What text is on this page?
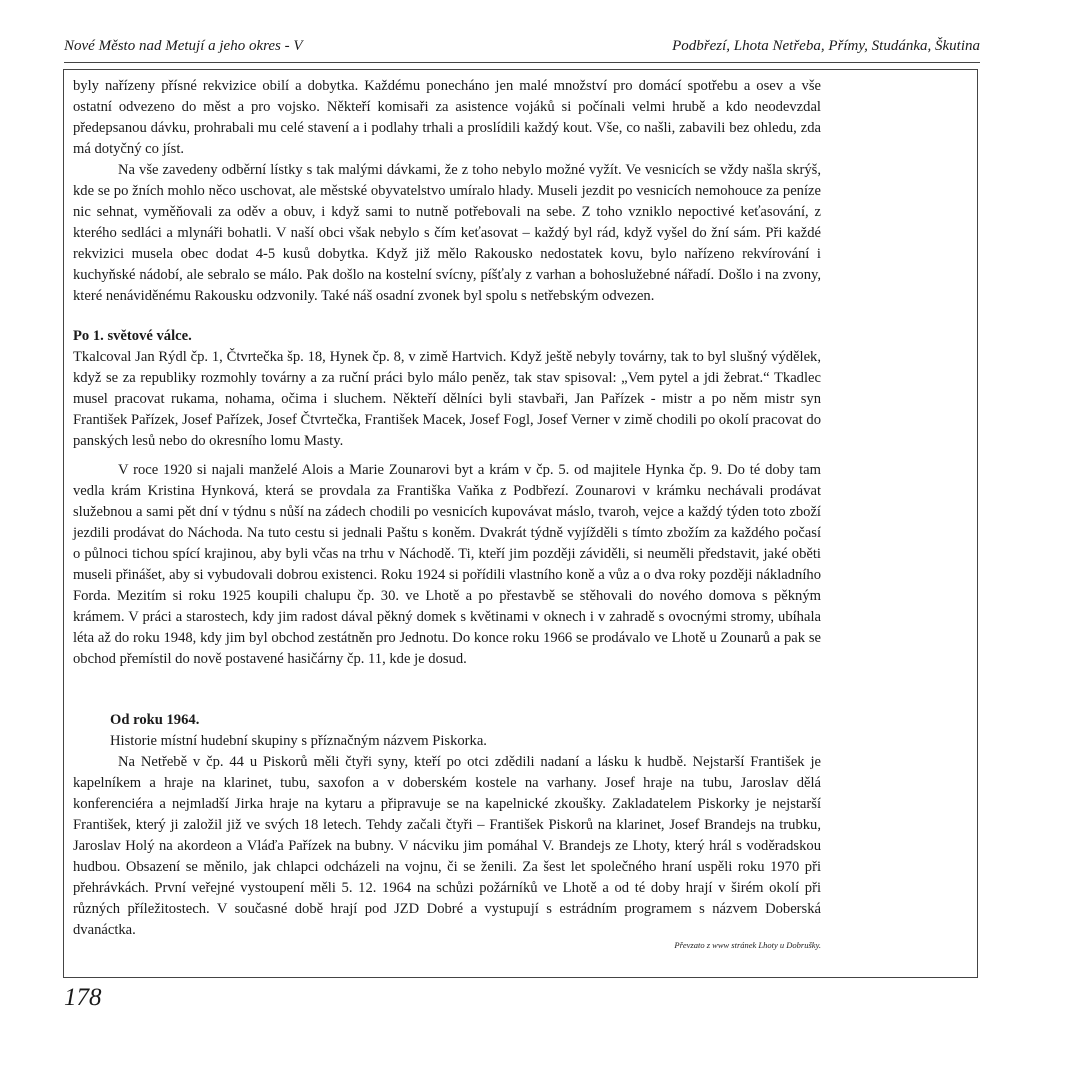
Nové Město nad Metují a jeho okres - V	Podbřezí, Lhota Netřeba, Přímy, Studánka, Škutina

byly nařízeny přísné rekvizice obilí a dobytka. Každému ponecháno jen malé množství pro domácí spotřebu a osev a vše ostatní odvezeno do měst a pro vojsko. Někteří komisaři za asistence vojáků si počínali velmi hrubě a kdo neodevzdal předepsanou dávku, prohrabali mu celé stavení a i podlahy trhali a proslídili každý kout. Vše, co našli, zabavili bez ohledu, zda má dotyčný co jíst.

Na vše zavedeny odběrní lístky s tak malými dávkami, že z toho nebylo možné vyžít. Ve vesnicích se vždy našla skrýš, kde se po žních mohlo něco uschovat, ale městské obyvatelstvo umíralo hlady. Museli jezdit po vesnicích nemohouce za peníze nic sehnat, vyměňovali za oděv a obuv, i když sami to nutně potřebovali na sebe. Z toho vzniklo nepoctivé keťasování, z kterého sedláci a mlynáři bohatli. V naší obci však nebylo s čím keťasovat – každý byl rád, když vyšel do žní sám. Při každé rekvizici musela obec dodat 4-5 kusů dobytka. Když již mělo Rakousko nedostatek kovu, bylo nařízeno rekvírování i kuchyňské nádobí, ale sebralo se málo. Pak došlo na kostelní svícny, píšťaly z varhan a bohoslužebné nářadí. Došlo i na zvony, které nenáviděnému Rakousku odzvonily. Také náš osadní zvonek byl spolu s netřebským odvezen.

Po 1. světové válce.

Tkalcoval Jan Rýdl čp. 1, Čtvrtečka šp. 18, Hynek čp. 8, v zimě Hartvich. Když ještě nebyly továrny, tak to byl slušný výdělek, když se za republiky rozmohly továrny a za ruční práci bylo málo peněz, tak stav spisoval: „Vem pytel a jdi žebrat.“ Tkadlec musel pracovat rukama, nohama, očima i sluchem. Někteří dělníci byli stavbaři, Jan Pařízek - mistr a po něm mistr syn František Pařízek, Josef Pařízek, Josef Čtvrtečka, František Macek, Josef Fogl, Josef Verner v zimě chodili po okolí pracovat do panských lesů nebo do okresního lomu Masty.

V roce 1920 si najali manželé Alois a Marie Zounarovi byt a krám v čp. 5. od majitele Hynka čp. 9. Do té doby tam vedla krám Kristina Hynková, která se provdala za Františka Vaňka z Podbřezí. Zounarovi v krámku nechávali prodávat služebnou a sami pět dní v týdnu s nůší na zádech chodili po vesnicích kupovávat máslo, tvaroh, vejce a každý týden toto zboží jezdili prodávat do Náchoda. Na tuto cestu si jednali Paštu s koněm. Dvakrát týdně vyjížděli s tímto zbožím za každého počasí o půlnoci tichou spící krajinou, aby byli včas na trhu v Náchodě. Ti, kteří jim později záviděli, si neuměli představit, jaké oběti museli přinášet, aby si vybudovali dobrou existenci. Roku 1924 si pořídili vlastního koně a vůz a o dva roky později nákladního Forda. Mezitím si roku 1925 koupili chalupu čp. 30. ve Lhotě a po přestavbě se stěhovali do nového domova s pěkným krámem. V práci a starostech, kdy jim radost dával pěkný domek s květinami v oknech i v zahradě s ovocnými stromy, ubíhala léta až do roku 1948, kdy jim byl obchod zestátněn pro Jednotu. Do konce roku 1966 se prodávalo ve Lhotě u Zounarů a pak se obchod přemístil do nově postavené hasičárny čp. 11, kde je dosud.

Od roku 1964.

Historie místní hudební skupiny s příznačným názvem Piskorka.

Na Netřebě v čp. 44 u Piskorů měli čtyři syny, kteří po otci zdědili nadaní a lásku k hudbě. Nejstarší František je kapelníkem a hraje na klarinet, tubu, saxofon a v doberském kostele na varhany. Josef hraje na tubu, Jaroslav dělá konferenciéra a nejmladší Jirka hraje na kytaru a připravuje se na kapelnické zkoušky. Zakladatelem Piskorky je nejstarší František, který ji založil již ve svých 18 letech. Tehdy začali čtyři – František Piskorů na klarinet, Josef Brandejs na trubku, Jaroslav Holý na akordeon a Vláďa Pařízek na bubny. V nácviku jim pomáhal V. Brandejs ze Lhoty, který hrál s voděradskou hudbou. Obsazení se měnilo, jak chlapci odcházeli na vojnu, či se ženili. Za šest let společného hraní uspěli roku 1970 při přehrávkách. První veřejné vystoupení měli 5. 12. 1964 na schůzi požárníků ve Lhotě a od té doby hrají v širém okolí při různých příležitostech. V současné době hrají pod JZD Dobré a vystupují s estrádním programem s názvem Doberská dvanáctka.

Převzato z www stránek Lhoty u Dobrušky.

178
